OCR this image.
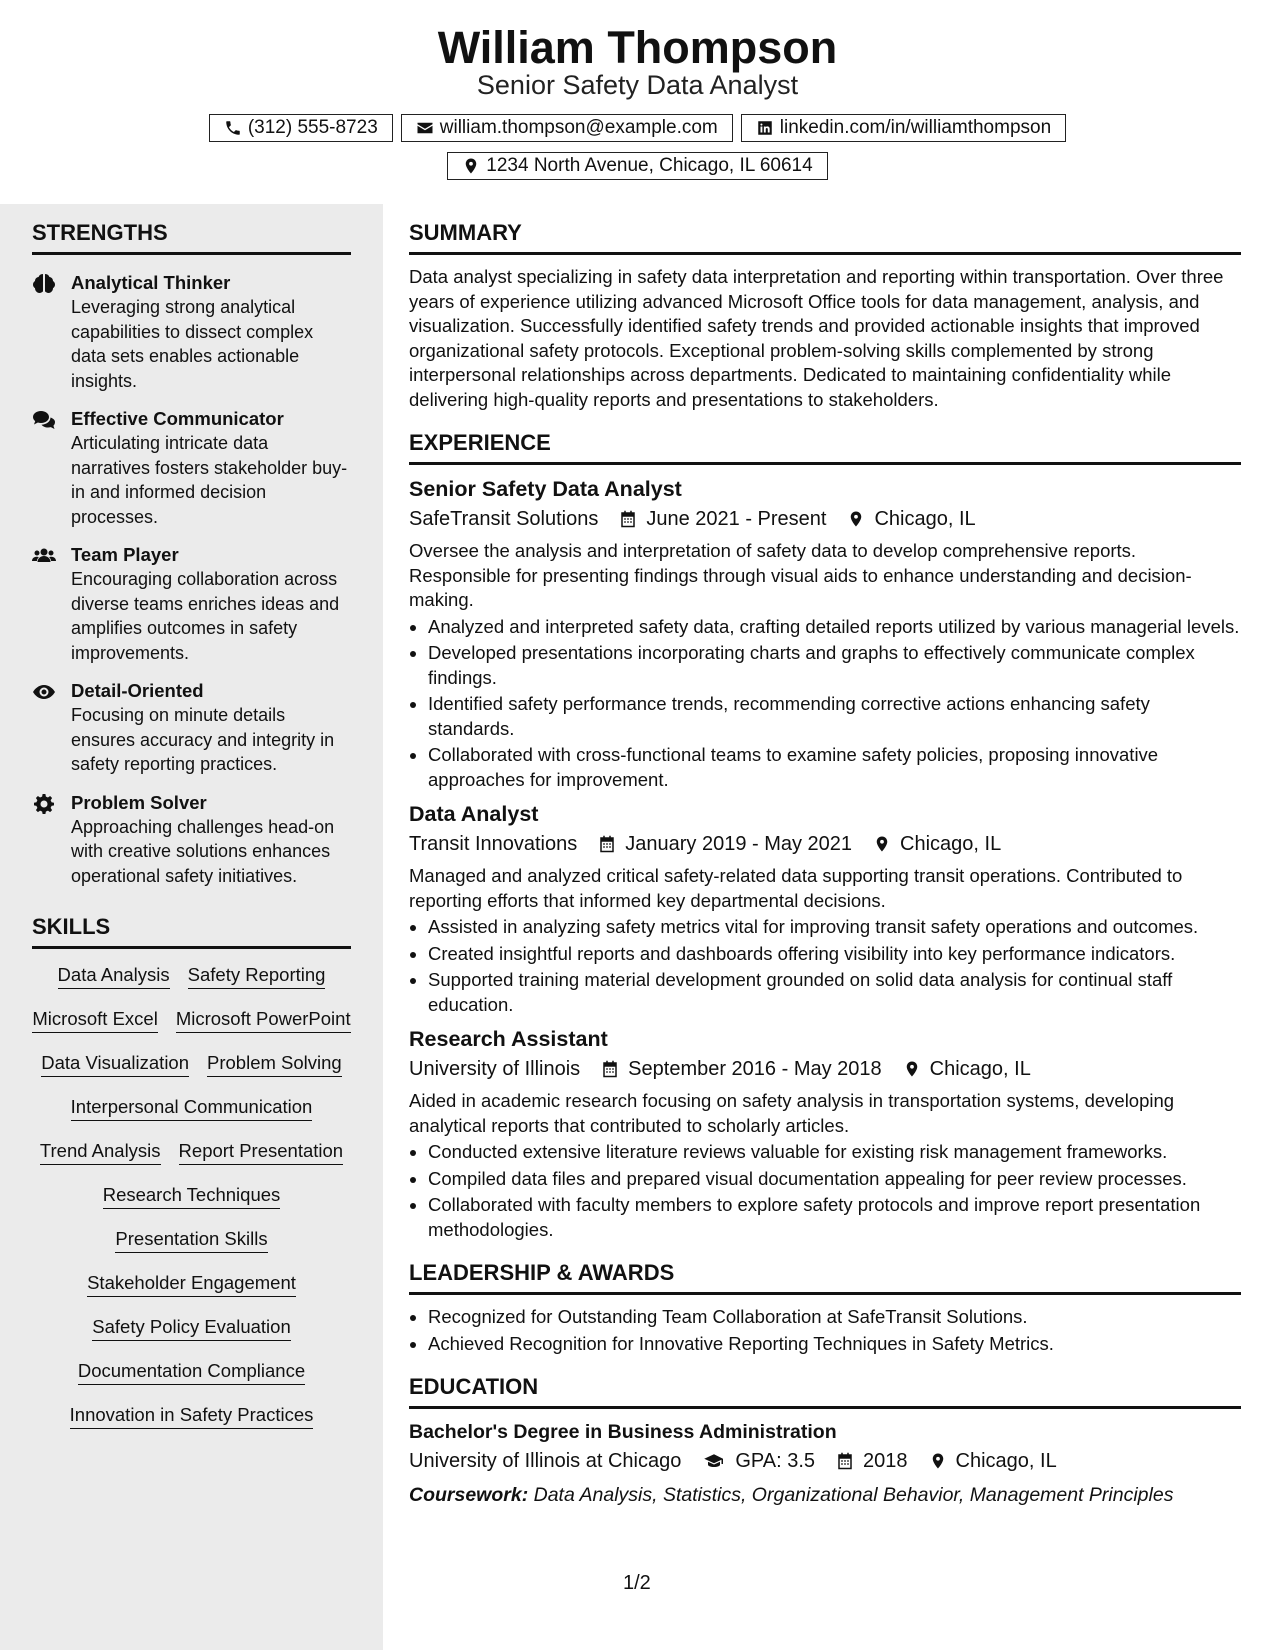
William Thompson
Senior Safety Data Analyst
(312) 555-8723	william.thompson@example.com	linkedin.com/in/williamthompson
1234 North Avenue, Chicago, IL 60614
STRENGTHS
Analytical Thinker
Leveraging strong analytical capabilities to dissect complex data sets enables actionable insights.
Effective Communicator
Articulating intricate data narratives fosters stakeholder buy-in and informed decision processes.
Team Player
Encouraging collaboration across diverse teams enriches ideas and amplifies outcomes in safety improvements.
Detail-Oriented
Focusing on minute details ensures accuracy and integrity in safety reporting practices.
Problem Solver
Approaching challenges head-on with creative solutions enhances operational safety initiatives.
SKILLS
Data Analysis Safety Reporting
Microsoft Excel Microsoft PowerPoint
Data Visualization Problem Solving
Interpersonal Communication
Trend Analysis Report Presentation
Research Techniques
Presentation Skills
Stakeholder Engagement
Safety Policy Evaluation
Documentation Compliance
Innovation in Safety Practices
SUMMARY
Data analyst specializing in safety data interpretation and reporting within transportation. Over three years of experience utilizing advanced Microsoft Office tools for data management, analysis, and visualization. Successfully identified safety trends and provided actionable insights that improved organizational safety protocols. Exceptional problem-solving skills complemented by strong interpersonal relationships across departments. Dedicated to maintaining confidentiality while delivering high-quality reports and presentations to stakeholders.
EXPERIENCE
Senior Safety Data Analyst
SafeTransit Solutions June 2021 - Present Chicago, IL
Oversee the analysis and interpretation of safety data to develop comprehensive reports. Responsible for presenting findings through visual aids to enhance understanding and decision-making.
• Analyzed and interpreted safety data, crafting detailed reports utilized by various managerial levels.
• Developed presentations incorporating charts and graphs to effectively communicate complex findings.
• Identified safety performance trends, recommending corrective actions enhancing safety standards.
• Collaborated with cross-functional teams to examine safety policies, proposing innovative approaches for improvement.
Data Analyst
Transit Innovations January 2019 - May 2021 Chicago, IL
Managed and analyzed critical safety-related data supporting transit operations. Contributed to reporting efforts that informed key departmental decisions.
• Assisted in analyzing safety metrics vital for improving transit safety operations and outcomes.
• Created insightful reports and dashboards offering visibility into key performance indicators.
• Supported training material development grounded on solid data analysis for continual staff education.
Research Assistant
University of Illinois September 2016 - May 2018 Chicago, IL
Aided in academic research focusing on safety analysis in transportation systems, developing analytical reports that contributed to scholarly articles.
• Conducted extensive literature reviews valuable for existing risk management frameworks.
• Compiled data files and prepared visual documentation appealing for peer review processes.
• Collaborated with faculty members to explore safety protocols and improve report presentation methodologies.
LEADERSHIP & AWARDS
• Recognized for Outstanding Team Collaboration at SafeTransit Solutions.
• Achieved Recognition for Innovative Reporting Techniques in Safety Metrics.
EDUCATION
Bachelor's Degree in Business Administration
University of Illinois at Chicago	GPA: 3.5 2018 Chicago, IL
Coursework: Data Analysis, Statistics, Organizational Behavior, Management Principles
1/2
